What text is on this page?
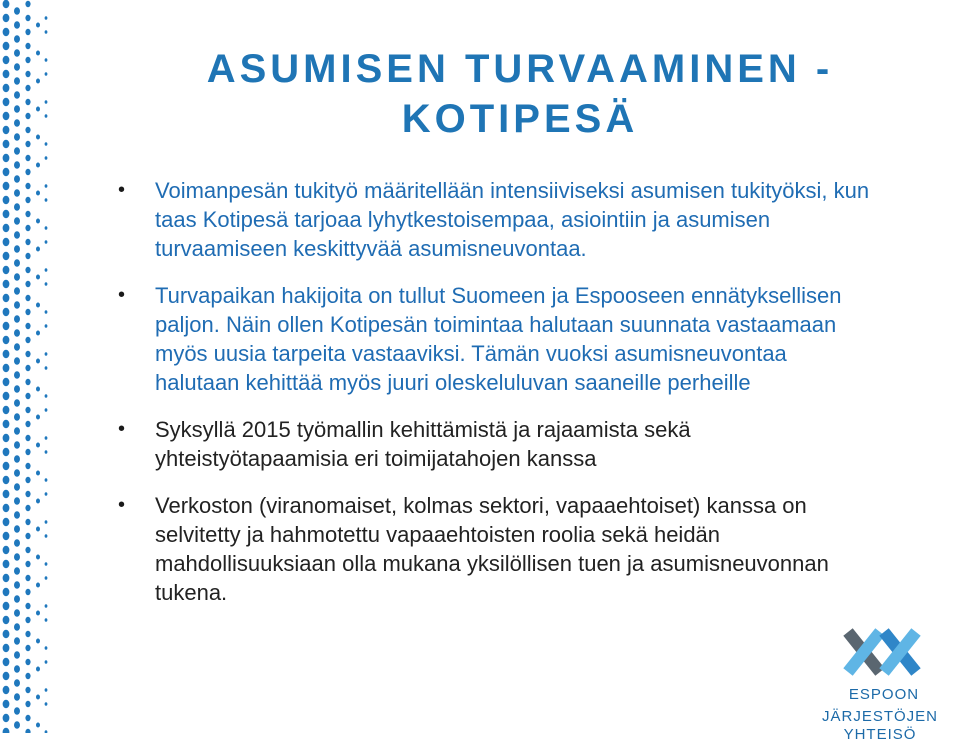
ASUMISEN TURVAAMINEN -
KOTIPESÄ
• Voimanpesän tukityö määritellään intensiiviseksi asumisen tukityöksi, kun taas Kotipesä tarjoaa lyhytkestoisempaa, asiointiin ja asumisen turvaamiseen keskittyvää asumisneuvontaa.
• Turvapaikan hakijoita on tullut Suomeen ja Espooseen ennätyksellisen paljon. Näin ollen Kotipesän toimintaa halutaan suunnata vastaamaan myös uusia tarpeita vastaaviksi. Tämän vuoksi asumisneuvontaa halutaan kehittää myös juuri oleskeluluvan saaneille perheille
• Syksyllä 2015 työmallin kehittämistä ja rajaamista sekä yhteistyötapaamisia eri toimijatahojen kanssa
• Verkoston (viranomaiset, kolmas sektori, vapaaehtoiset) kanssa on selvitetty ja hahmotettu vapaaehtoisten roolia sekä heidän mahdollisuuksiaan olla mukana yksilöllisen tuen ja asumisneuvonnan tukena.
ESPOON
JÄRJESTÖJEN YHTEISÖ
